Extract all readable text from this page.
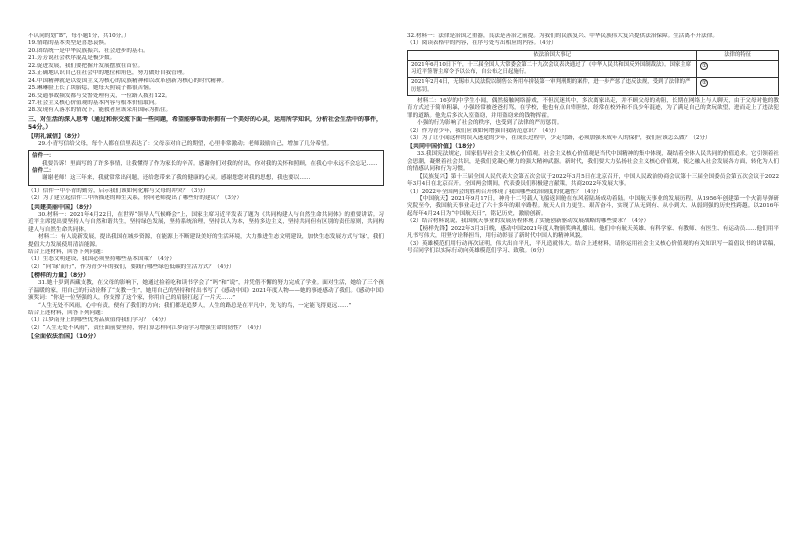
不认同的划“B”，每小题1分，共10分。）
19.情绪的基本类型是喜怒哀惧。
20.团结统一是中华民族振兴、社会进步的基石。
21.芳芳说社会秩序混乱是极少数。
22.促进发展，我们要把握开发展摆放在首位。
23.正确地认识自己在社会中的地位和角色，努力做好自我管理。
24.中国精神就是以爱国主义为核心的民族精神和以改革创新为核心的时代精神。
25.琳琳脸上长了块胎痣，她每天照镜子都很苦恼。
26.交通事故频发都与交警处理有关，一位路人拨打122。
27.社会主义核心价值观的基本内容与根本价值取向。
28.发现有人落水的情况下，能救者应该采用国际为抓住。
三、对生活的深入思考（通过和你交流下面一些问题，希望能够帮助你拥有一个美好的心灵，运用所学知识，分析社会生活中的事件，54分。）
【明礼诚信】（8分）
29.小青写信给父母，每个人都在信里表达了：父母亲对自己的期望，心里非常激动；老师鼓励自己，增加了几分希望。
信件一：
我要告诉！里面写的了许多事情，让我懂得了作为家长的辛苦。感谢你们对我的付出，你对我的关怀和照顾，在我心中永远不会忘记……
信件二：
谢谢老师！这三年来，我就常常出问题，还给您带来了我的健康的心灵。感谢您您对我的思想，我也要以……
（1）信件一中小青的勤劳，启示我们该如何化解与父母的冲突？（3分）
（2）为了建立起信件二中所描述的师生关系，你向老师提出了哪些好的建议？（3分）
【共建美丽中国】（8分）
30.材料一：2021年4月22日，在世界“领导人气候峰会”上，国家主席习近平发表了题为《共同构建人与自然生命共同体》的重要讲话。习近平主席提出要坚持人与自然和谐共生，坚持绿色发展，坚持系统治理，坚持以人为本，坚持多边主义，坚持共同但有区别的责任原则，共同构建人与自然生命共同体。
材料二：有人说新发展，提出我国在城乡资源，在能源上不断建设美好的生活环境，大力推进生态文明建设，加快生态发展方式与‘绿’，我们提倡大力发展使用清洁能源。
结合上述材料，回答下列问题：
（1）生态文明建设，我国必须坚持哪些基本国策？（4分）
（2）“向‘绿’而行”，作为青少年的我们，要践行哪些绿色低碳的生活方式？（4分）
【榜样的力量】（8分）
31.她十岁到西藏支教，在父母的影响下，她通过捡着吃和读书学会了“吗”和“说”，并凭借不懈的努力完成了学业。面对生活，她给了三个孩子温暖的家，用自己的行动诠释了“支教一生”，她用自己的坚持和付出书写了《感动中国》2021年度人物——她的事迹感动了我们。《感动中国》颁奖词：“你是一位坚强的人，你支撑了这个家，你用自己的肩膀扛起了一片天……”
“人生无处不风雨，心中有责，便有了我们的方向；我们都是追梦人，人生的路总是在平凡中，先飞的鸟，一定能飞得更远……”
结合上述材料，回答下列问题：
（1）江梦南身上的哪些优秀品质值得我们学习？（4分）
（2）“人生无处不风雨”，责任面前要坚持，你打算怎样向江梦南学习增强生命的韧性？（4分）
【全面依法治国】（10分）
32.材料一：法律是治国之重器，良法是善治之前提。为我们的民族复兴、中华民族伟大复兴提供法治保障。生活离不开法律。
（1）阅读表格中的内容，在序号处写出相应的内容。（4分）
依法治国大事记	法律的特征
2021年6月10日下午，十三届全国人大常委会第二十九次会议表决通过了《中华人民共和国反外国制裁法》。国家主席习近平签署主席令予以公布，自公布之日起施行。	①
2021年2月4日，无锡市人民法院以制售公务用车拼装第一审判刑期的案件，进一步严惩了违反法规，受到了法律的严厉惩罚。	②
材料二：16岁的中学生小闻，偶然接触网络游戏，不但沉迷其中，多次离家出走，并不顾父母的劝阻，长期在网络上与人聊天，由于父母对他的教育方式过于简单粗暴，小强经常被爸爸打骂，在学校，他也有点自卑胆怯，经常在校外和不良少年混迹，为了满足自己的贪玩欲望，进而走上了违法犯罪的道路。他先后多次入室盗窃，并用盗窃来的钱物挥霍。
小强的行为影响了社会的秩序，也受到了法律的严厉惩罚。
（2）作为青少年，我们应该如何增强自我防范意识？（4分）
（3）为了让小闻这样的误入迷途的少年，在成长过程中，少走弯路，必须加强未成年人的保护，我们应该怎么做？（2分）
【共同中国价值】（18分）
33.我国宪法规定，国家倡导社会主义核心价值观。社会主义核心价值观是当代中国精神的集中体现，凝结着全体人民共同的价值追求。它引领着社会思潮，凝聚着社会共识，是我们党凝心聚力的强大精神武器。新时代，我们要大力弘扬社会主义核心价值观，使之融入社会发展各方面，转化为人们的情感认同和行为习惯。
【民族复兴】第十三届全国人民代表大会第五次会议于2022年3月5日在北京召开，中国人民政治协商会议第十三届全国委员会第五次会议于2022年3月4日在北京召开。全国两会期间，代表委员们积极建言献策，共商2022年发展大事。
（1）2022年全国两会的胜利召开体现了我国哪些政治制度的优越性？（4分）
【中国航天】2021年9月17日，神舟十二号载人飞船返回舱在东风着陆场成功着陆。中国航天事业的发展历程，从1956年创建第一个火箭导弹研究院至今，我国航天事业走过了六十多年的艰辛路程。航天人自力更生、艰苦奋斗，实现了从无到有、从小到大、从弱到强的历史性跨越。以2016年起每年4月24日为“中国航天日”，铭记历史，激励创新。
（2）结合材料说说，我国航天事业的发展历程体现了实施创新驱动发展战略的哪些要求？（4分）
【榜样先锋】2022年3月3日晚，感动中国2021年度人物颁奖典礼播出。他们中有航天英雄、有科学家、有教师、有医生、有运动员……他们用平凡书写伟大，用坚守诠释担当，用行动彰显了新时代中国人的精神风貌。
（3）英雄模范们用行动再次证明，伟大出自平凡，平凡造就伟大。结合上述材料，请你运用社会主义核心价值观的有关知识写一篇倡议书的讲话稿，号召同学们以实际行动向英雄模范们学习、致敬。（6分）
